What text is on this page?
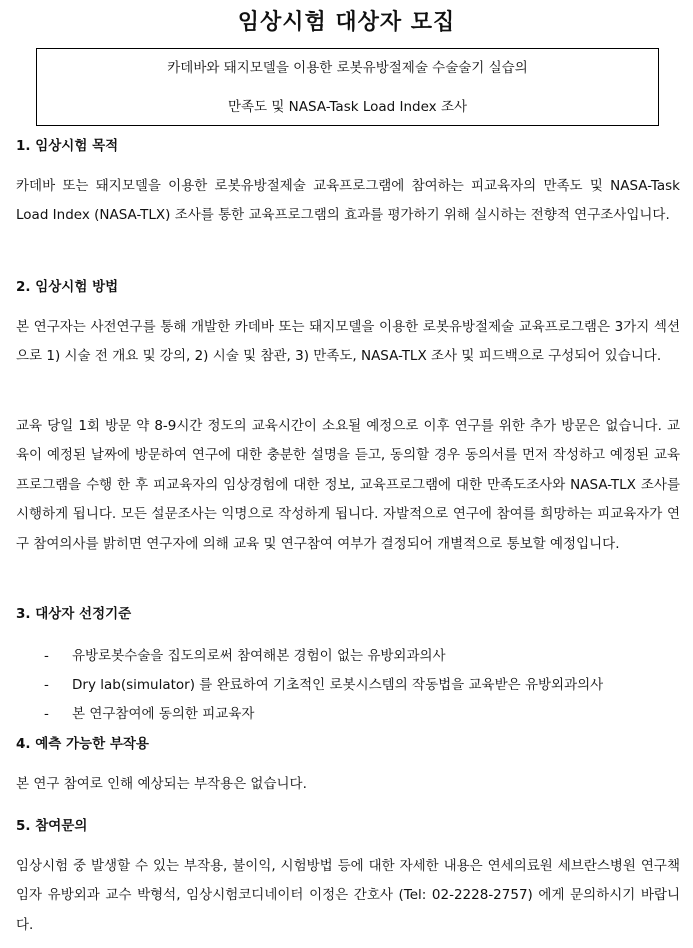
임상시험 대상자 모집
카데바와 돼지모델을 이용한 로봇유방절제술 수술술기 실습의
만족도 및 NASA-Task Load Index 조사
1. 임상시험 목적
카데바 또는 돼지모델을 이용한 로봇유방절제술 교육프로그램에 참여하는 피교육자의 만족도 및 NASA-Task Load Index (NASA-TLX) 조사를 통한 교육프로그램의 효과를 평가하기 위해 실시하는 전향적 연구조사입니다.
2. 임상시험 방법
본 연구자는 사전연구를 통해 개발한 카데바 또는 돼지모델을 이용한 로봇유방절제술 교육프로그램은 3가지 섹션으로 1) 시술 전 개요 및 강의, 2) 시술 및 참관, 3) 만족도, NASA-TLX 조사 및 피드백으로 구성되어 있습니다.
교육 당일 1회 방문 약 8-9시간 정도의 교육시간이 소요될 예정으로 이후 연구를 위한 추가 방문은 없습니다. 교육이 예정된 날짜에 방문하여 연구에 대한 충분한 설명을 듣고, 동의할 경우 동의서를 먼저 작성하고 예정된 교육프로그램을 수행 한 후 피교육자의 임상경험에 대한 정보, 교육프로그램에 대한 만족도조사와 NASA-TLX 조사를 시행하게 됩니다. 모든 설문조사는 익명으로 작성하게 됩니다. 자발적으로 연구에 참여를 희망하는 피교육자가 연구 참여의사를 밝히면 연구자에 의해 교육 및 연구참여 여부가 결정되어 개별적으로 통보할 예정입니다.
3. 대상자 선정기준
- 유방로봇수술을 집도의로써 참여해본 경험이 없는 유방외과의사
- Dry lab(simulator) 를 완료하여 기초적인 로봇시스템의 작동법을 교육받은 유방외과의사
- 본 연구참여에 동의한 피교육자
4. 예측 가능한 부작용
본 연구 참여로 인해 예상되는 부작용은 없습니다.
5. 참여문의
임상시험 중 발생할 수 있는 부작용, 불이익, 시험방법 등에 대한 자세한 내용은 연세의료원 세브란스병원 연구책임자 유방외과 교수 박형석, 임상시험코디네이터 이정은 간호사 (Tel: 02-2228-2757) 에게 문의하시기 바랍니다.
